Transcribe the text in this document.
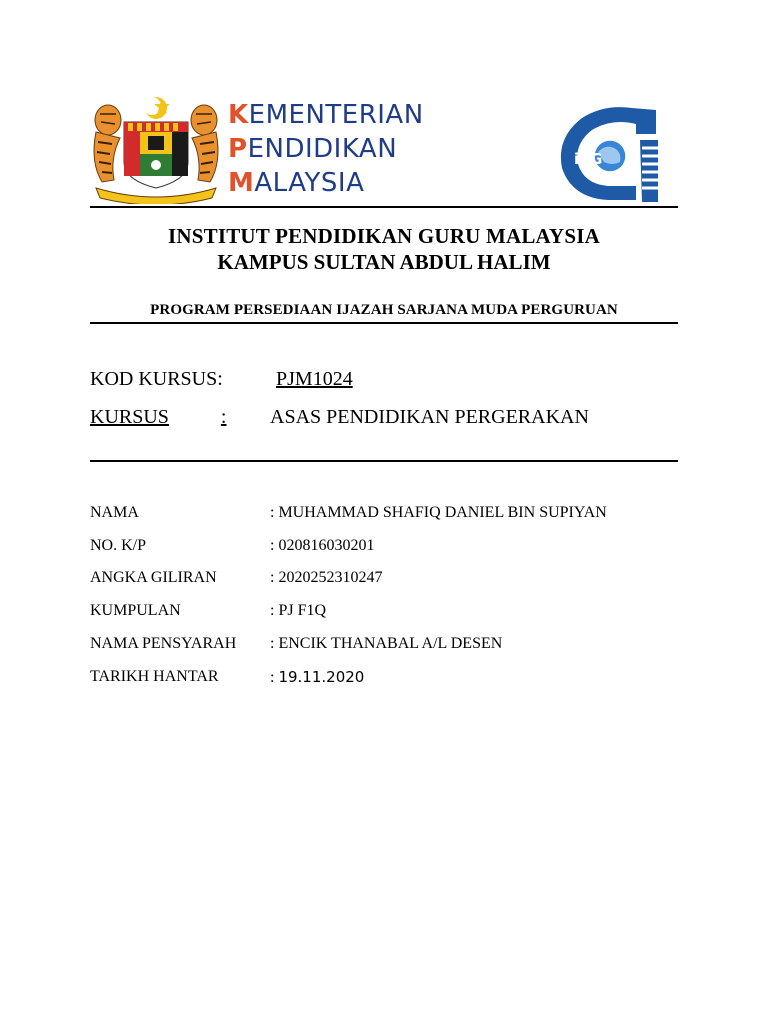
KEMENTERIAN
PENDIDIKAN
MALAYSIA
iPG
INSTITUT PENDIDIKAN GURU MALAYSIA
KAMPUS SULTAN ABDUL HALIM
PROGRAM PERSEDIAAN IJAZAH SARJANA MUDA PERGURUAN
KOD KURSUS:	PJM1024
KURSUS	: ASAS PENDIDIKAN PERGERAKAN
NAMA	: MUHAMMAD SHAFIQ DANIEL BIN SUPIYAN
NO. K/P	: 020816030201
ANGKA GILIRAN	: 2020252310247
KUMPULAN	: PJ F1Q
NAMA PENSYARAH : ENCIK THANABAL A/L DESEN
TARIKH HANTAR	: 19.11.2020
